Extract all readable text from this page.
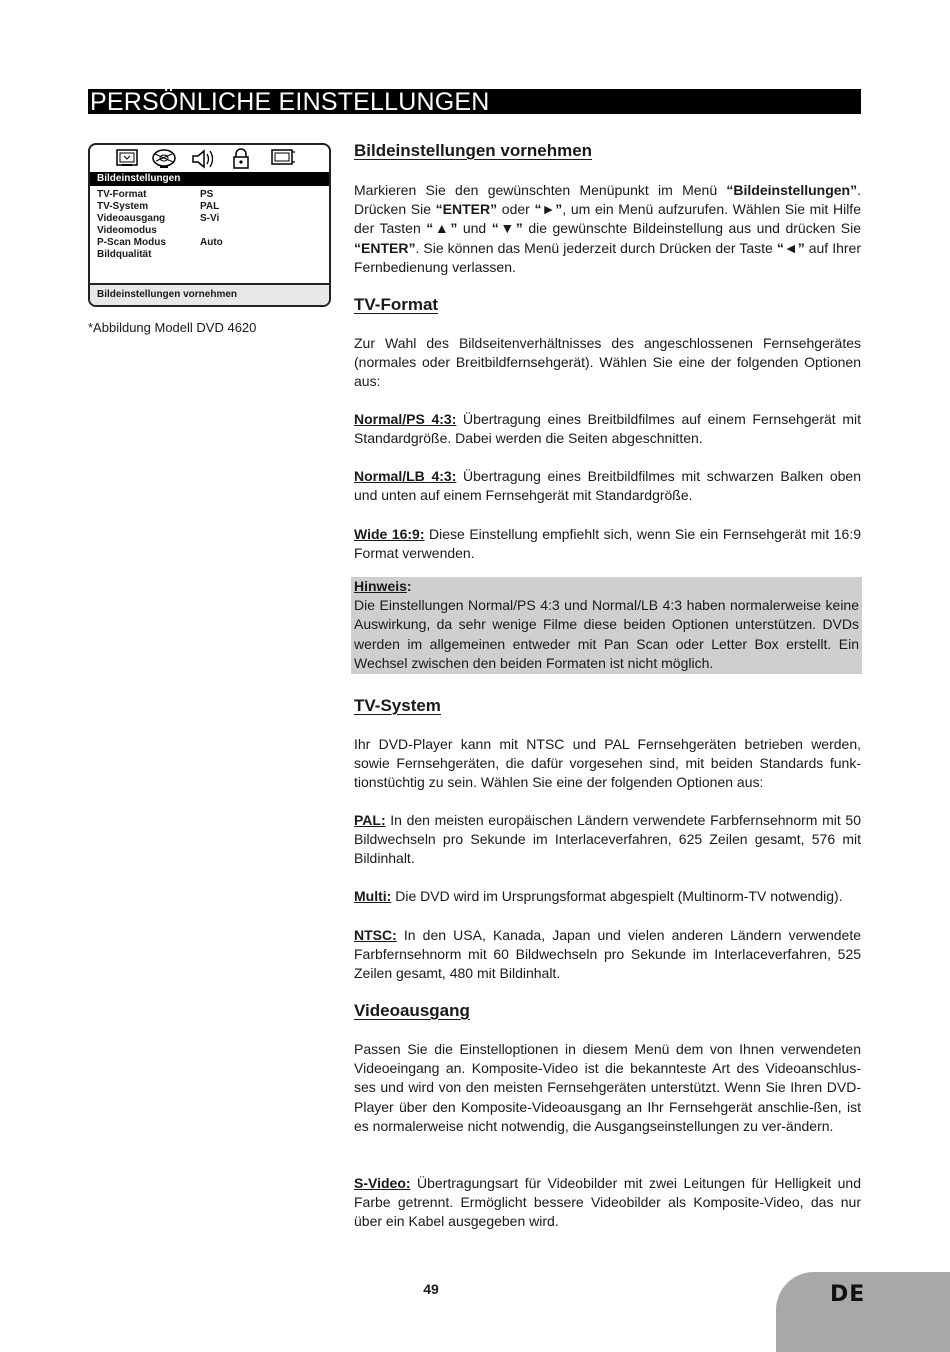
PERSÖNLICHE EINSTELLUNGEN
Bildeinstellungen
TV-Format	PS
TV-System	PAL
Videoausgang	S-Vi
Videomodus
P-Scan Modus	Auto
Bildqualität
Bildeinstellungen vornehmen
*Abbildung Modell DVD 4620
Bildeinstellungen vornehmen

Markieren Sie den gewünschten Menüpunkt im Menü “Bildeinstellungen”. Drücken Sie “ENTER” oder “►”, um ein Menü aufzurufen. Wählen Sie mit Hilfe der Tasten “▲” und “▼” die gewünschte Bildeinstellung aus und drücken Sie “ENTER”. Sie können das Menü jederzeit durch Drücken der Taste “◄” auf Ihrer Fernbedienung verlassen.

TV-Format

Zur Wahl des Bildseitenverhältnisses des angeschlossenen Fernsehgerätes (normales oder Breitbildfernsehgerät). Wählen Sie eine der folgenden Optionen aus:

Normal/PS 4:3: Übertragung eines Breitbildfilmes auf einem Fernsehgerät mit Standardgröße. Dabei werden die Seiten abgeschnitten.

Normal/LB 4:3: Übertragung eines Breitbildfilmes mit schwarzen Balken oben und unten auf einem Fernsehgerät mit Standardgröße.

Wide 16:9: Diese Einstellung empfiehlt sich, wenn Sie ein Fernsehgerät mit 16:9 Format verwenden.

Hinweis:
Die Einstellungen Normal/PS 4:3 und Normal/LB 4:3 haben normalerweise keine Auswirkung, da sehr wenige Filme diese beiden Optionen unterstützen. DVDs werden im allgemeinen entweder mit Pan Scan oder Letter Box erstellt. Ein Wechsel zwischen den beiden Formaten ist nicht möglich.

TV-System

Ihr DVD-Player kann mit NTSC und PAL Fernsehgeräten betrieben werden, sowie Fernsehgeräten, die dafür vorgesehen sind, mit beiden Standards funk-tionstüchtig zu sein. Wählen Sie eine der folgenden Optionen aus:

PAL: In den meisten europäischen Ländern verwendete Farbfernsehnorm mit 50 Bildwechseln pro Sekunde im Interlaceverfahren, 625 Zeilen gesamt, 576 mit Bildinhalt.

Multi: Die DVD wird im Ursprungsformat abgespielt (Multinorm-TV notwendig).

NTSC: In den USA, Kanada, Japan und vielen anderen Ländern verwendete Farbfernsehnorm mit 60 Bildwechseln pro Sekunde im Interlaceverfahren, 525 Zeilen gesamt, 480 mit Bildinhalt.

Videoausgang

Passen Sie die Einstelloptionen in diesem Menü dem von Ihnen verwendeten Videoeingang an. Komposite-Video ist die bekannteste Art des Videoanschlus-ses und wird von den meisten Fernsehgeräten unterstützt. Wenn Sie Ihren DVD-Player über den Komposite-Videoausgang an Ihr Fernsehgerät anschlie-ßen, ist es normalerweise nicht notwendig, die Ausgangseinstellungen zu ver-ändern.

S-Video: Übertragungsart für Videobilder mit zwei Leitungen für Helligkeit und Farbe getrennt. Ermöglicht bessere Videobilder als Komposite-Video, das nur über ein Kabel ausgegeben wird.

49	DE
